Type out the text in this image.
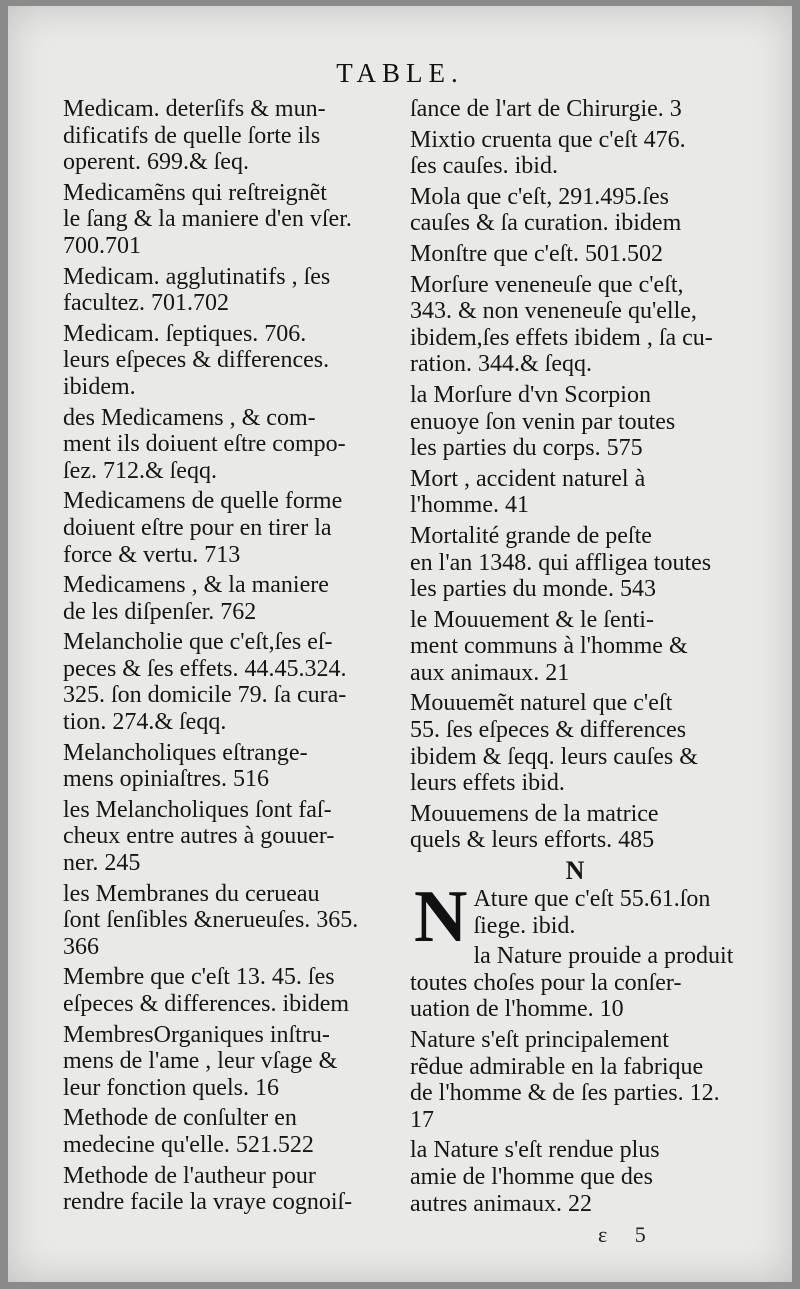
TABLE.
Medicam. deterſifs & mun-
dificatifs de quelle ſorte ils
operent. 699.& ſeq.
Medicamẽns qui reſtreignẽt
le ſang & la maniere d'en vſer.
700.701
Medicam. agglutinatifs , ſes
facultez. 701.702
Medicam. ſeptiques. 706.
leurs eſpeces & differences.
ibidem.
des Medicamens , & com-
ment ils doiuent eſtre compo-
ſez. 712.& ſeqq.
Medicamens de quelle forme
doiuent eſtre pour en tirer la
force & vertu. 713
Medicamens , & la maniere
de les diſpenſer. 762
Melancholie que c'eſt,ſes eſ-
peces & ſes effets. 44.45.324.
325. ſon domicile 79. ſa cura-
tion. 274.& ſeqq.
Melancholiques eſtrange-
mens opiniaſtres. 516
les Melancholiques ſont faſ-
cheux entre autres à gouuer-
ner. 245
les Membranes du cerueau
ſont ſenſibles &nerueuſes. 365.
366
Membre que c'eſt 13. 45. ſes
eſpeces & differences. ibidem
MembresOrganiques inſtru-
mens de l'ame , leur vſage &
leur fonction quels. 16
Methode de conſulter en
medecine qu'elle. 521.522
Methode de l'autheur pour
rendre facile la vraye cognoiſ-
ſance de l'art de Chirurgie. 3
Mixtio cruenta que c'eſt 476.
ſes cauſes. ibid.
Mola que c'eſt, 291.495.ſes
cauſes & ſa curation. ibidem
Monſtre que c'eſt. 501.502
Morſure veneneuſe que c'eſt,
343. & non veneneuſe qu'elle,
ibidem,ſes effets ibidem , ſa cu-
ration. 344.& ſeqq.
la Morſure d'vn Scorpion
enuoye ſon venin par toutes
les parties du corps. 575
Mort , accident naturel à
l'homme. 41
Mortalité grande de peſte
en l'an 1348. qui affligea toutes
les parties du monde. 543
le Mouuement & le ſenti-
ment communs à l'homme &
aux animaux. 21
Mouuemẽt naturel que c'eſt
55. ſes eſpeces & differences
ibidem & ſeqq. leurs cauſes &
leurs effets ibid.
Mouuemens de la matrice
quels & leurs efforts. 485
N
N Ature que c'eſt 55.61.ſon
ſiege. ibid.
la Nature prouide a produit
toutes choſes pour la conſer-
uation de l'homme. 10
Nature s'eſt principalement
rẽdue admirable en la fabrique
de l'homme & de ſes parties. 12.
17
la Nature s'eſt rendue plus
amie de l'homme que des
autres animaux. 22
ε 5
